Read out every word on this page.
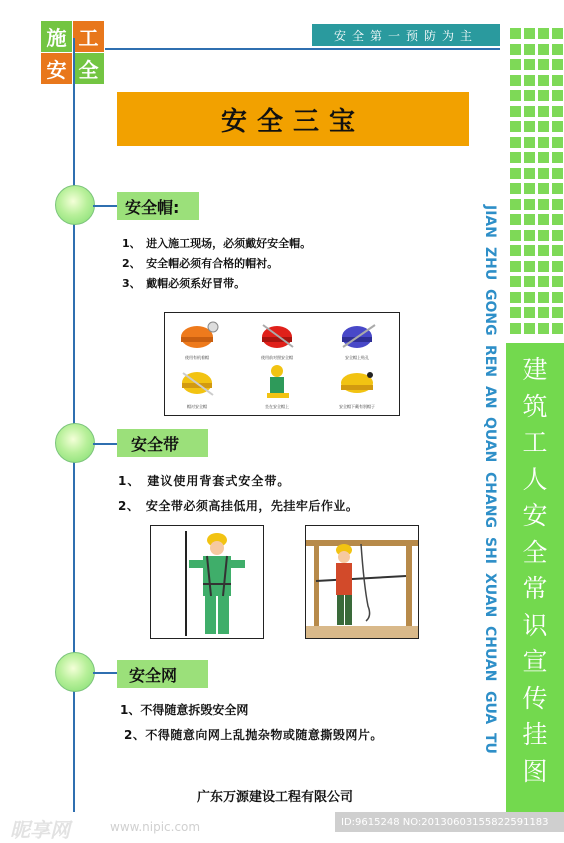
施 工
安 全
安全第一预防为主
安全三宝
安全帽:
1、　进入施工现场，必须戴好安全帽。
2、　安全帽必须有合格的帽衬。
3、　戴帽必须系好冒带。
使用有机着帽	使用前对照安全帽	安全帽上贴孔
帽衬安全帽	坐在安全帽上	安全帽下戴有别帽子
安全带
1、　建议使用背套式安全带。
2、　安全带必须高挂低用，先挂牢后作业。
安全网
1、不得随意拆毁安全网
2、不得随意向网上乱抛杂物或随意撕毁网片。
广东万源建设工程有限公司
JIAN
ZHU
GONG
REN
AN
QUAN
CHANG
SHI
XUAN
CHUAN
GUA
TU
建
筑
工
人
安
全
常
识
宣
传
挂
图
昵享网	www.nipic.com	ID:9615248 NO:20130603155822591183
